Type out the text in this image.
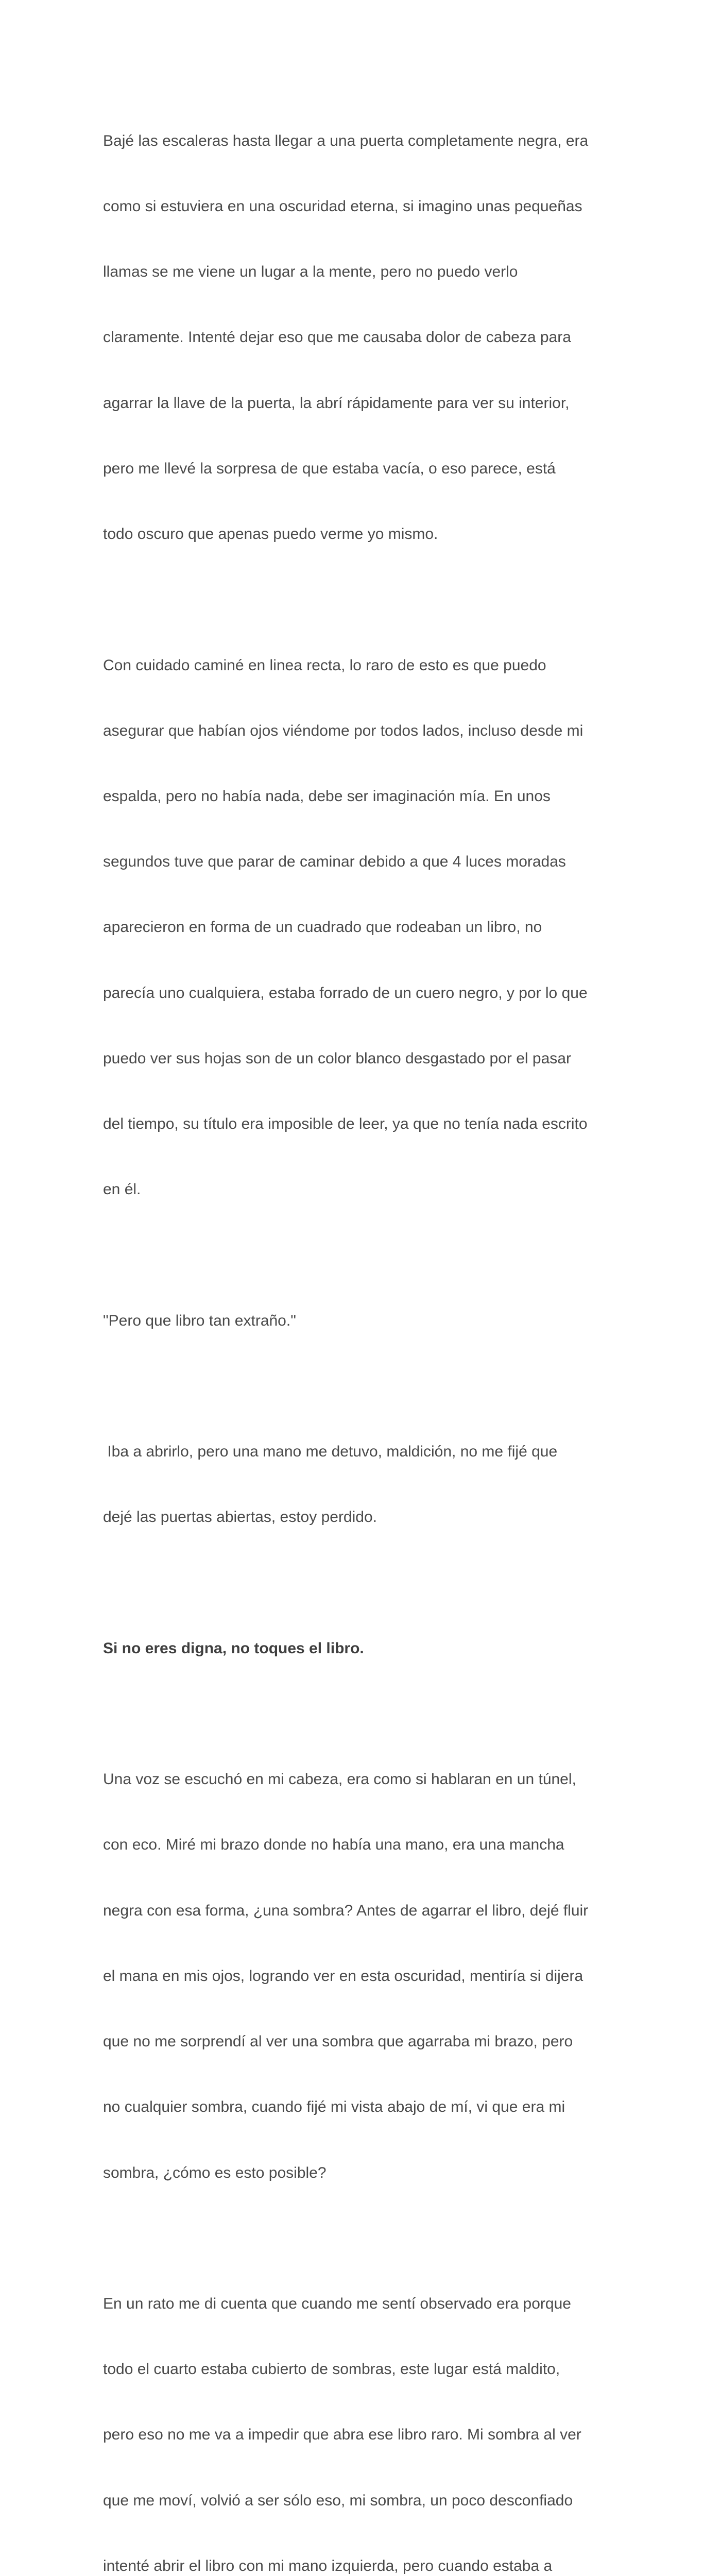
Bajé las escaleras hasta llegar a una puerta completamente negra, era

como si estuviera en una oscuridad eterna, si imagino unas pequeñas

llamas se me viene un lugar a la mente, pero no puedo verlo

claramente. Intenté dejar eso que me causaba dolor de cabeza para

agarrar la llave de la puerta, la abrí rápidamente para ver su interior,

pero me llevé la sorpresa de que estaba vacía, o eso parece, está

todo oscuro que apenas puedo verme yo mismo.

Con cuidado caminé en linea recta, lo raro de esto es que puedo

asegurar que habían ojos viéndome por todos lados, incluso desde mi

espalda, pero no había nada, debe ser imaginación mía. En unos

segundos tuve que parar de caminar debido a que 4 luces moradas

aparecieron en forma de un cuadrado que rodeaban un libro, no

parecía uno cualquiera, estaba forrado de un cuero negro, y por lo que

puedo ver sus hojas son de un color blanco desgastado por el pasar

del tiempo, su título era imposible de leer, ya que no tenía nada escrito

en él.

"Pero que libro tan extraño."

Iba a abrirlo, pero una mano me detuvo, maldición, no me fijé que

dejé las puertas abiertas, estoy perdido.

Si no eres digna, no toques el libro.

Una voz se escuchó en mi cabeza, era como si hablaran en un túnel,

con eco. Miré mi brazo donde no había una mano, era una mancha

negra con esa forma, ¿una sombra? Antes de agarrar el libro, dejé fluir

el mana en mis ojos, logrando ver en esta oscuridad, mentiría si dijera

que no me sorprendí al ver una sombra que agarraba mi brazo, pero

no cualquier sombra, cuando fijé mi vista abajo de mí, vi que era mi

sombra, ¿cómo es esto posible?

En un rato me di cuenta que cuando me sentí observado era porque

todo el cuarto estaba cubierto de sombras, este lugar está maldito,

pero eso no me va a impedir que abra ese libro raro. Mi sombra al ver

que me moví, volvió a ser sólo eso, mi sombra, un poco desconfiado

intenté abrir el libro con mi mano izquierda, pero cuando estaba a
